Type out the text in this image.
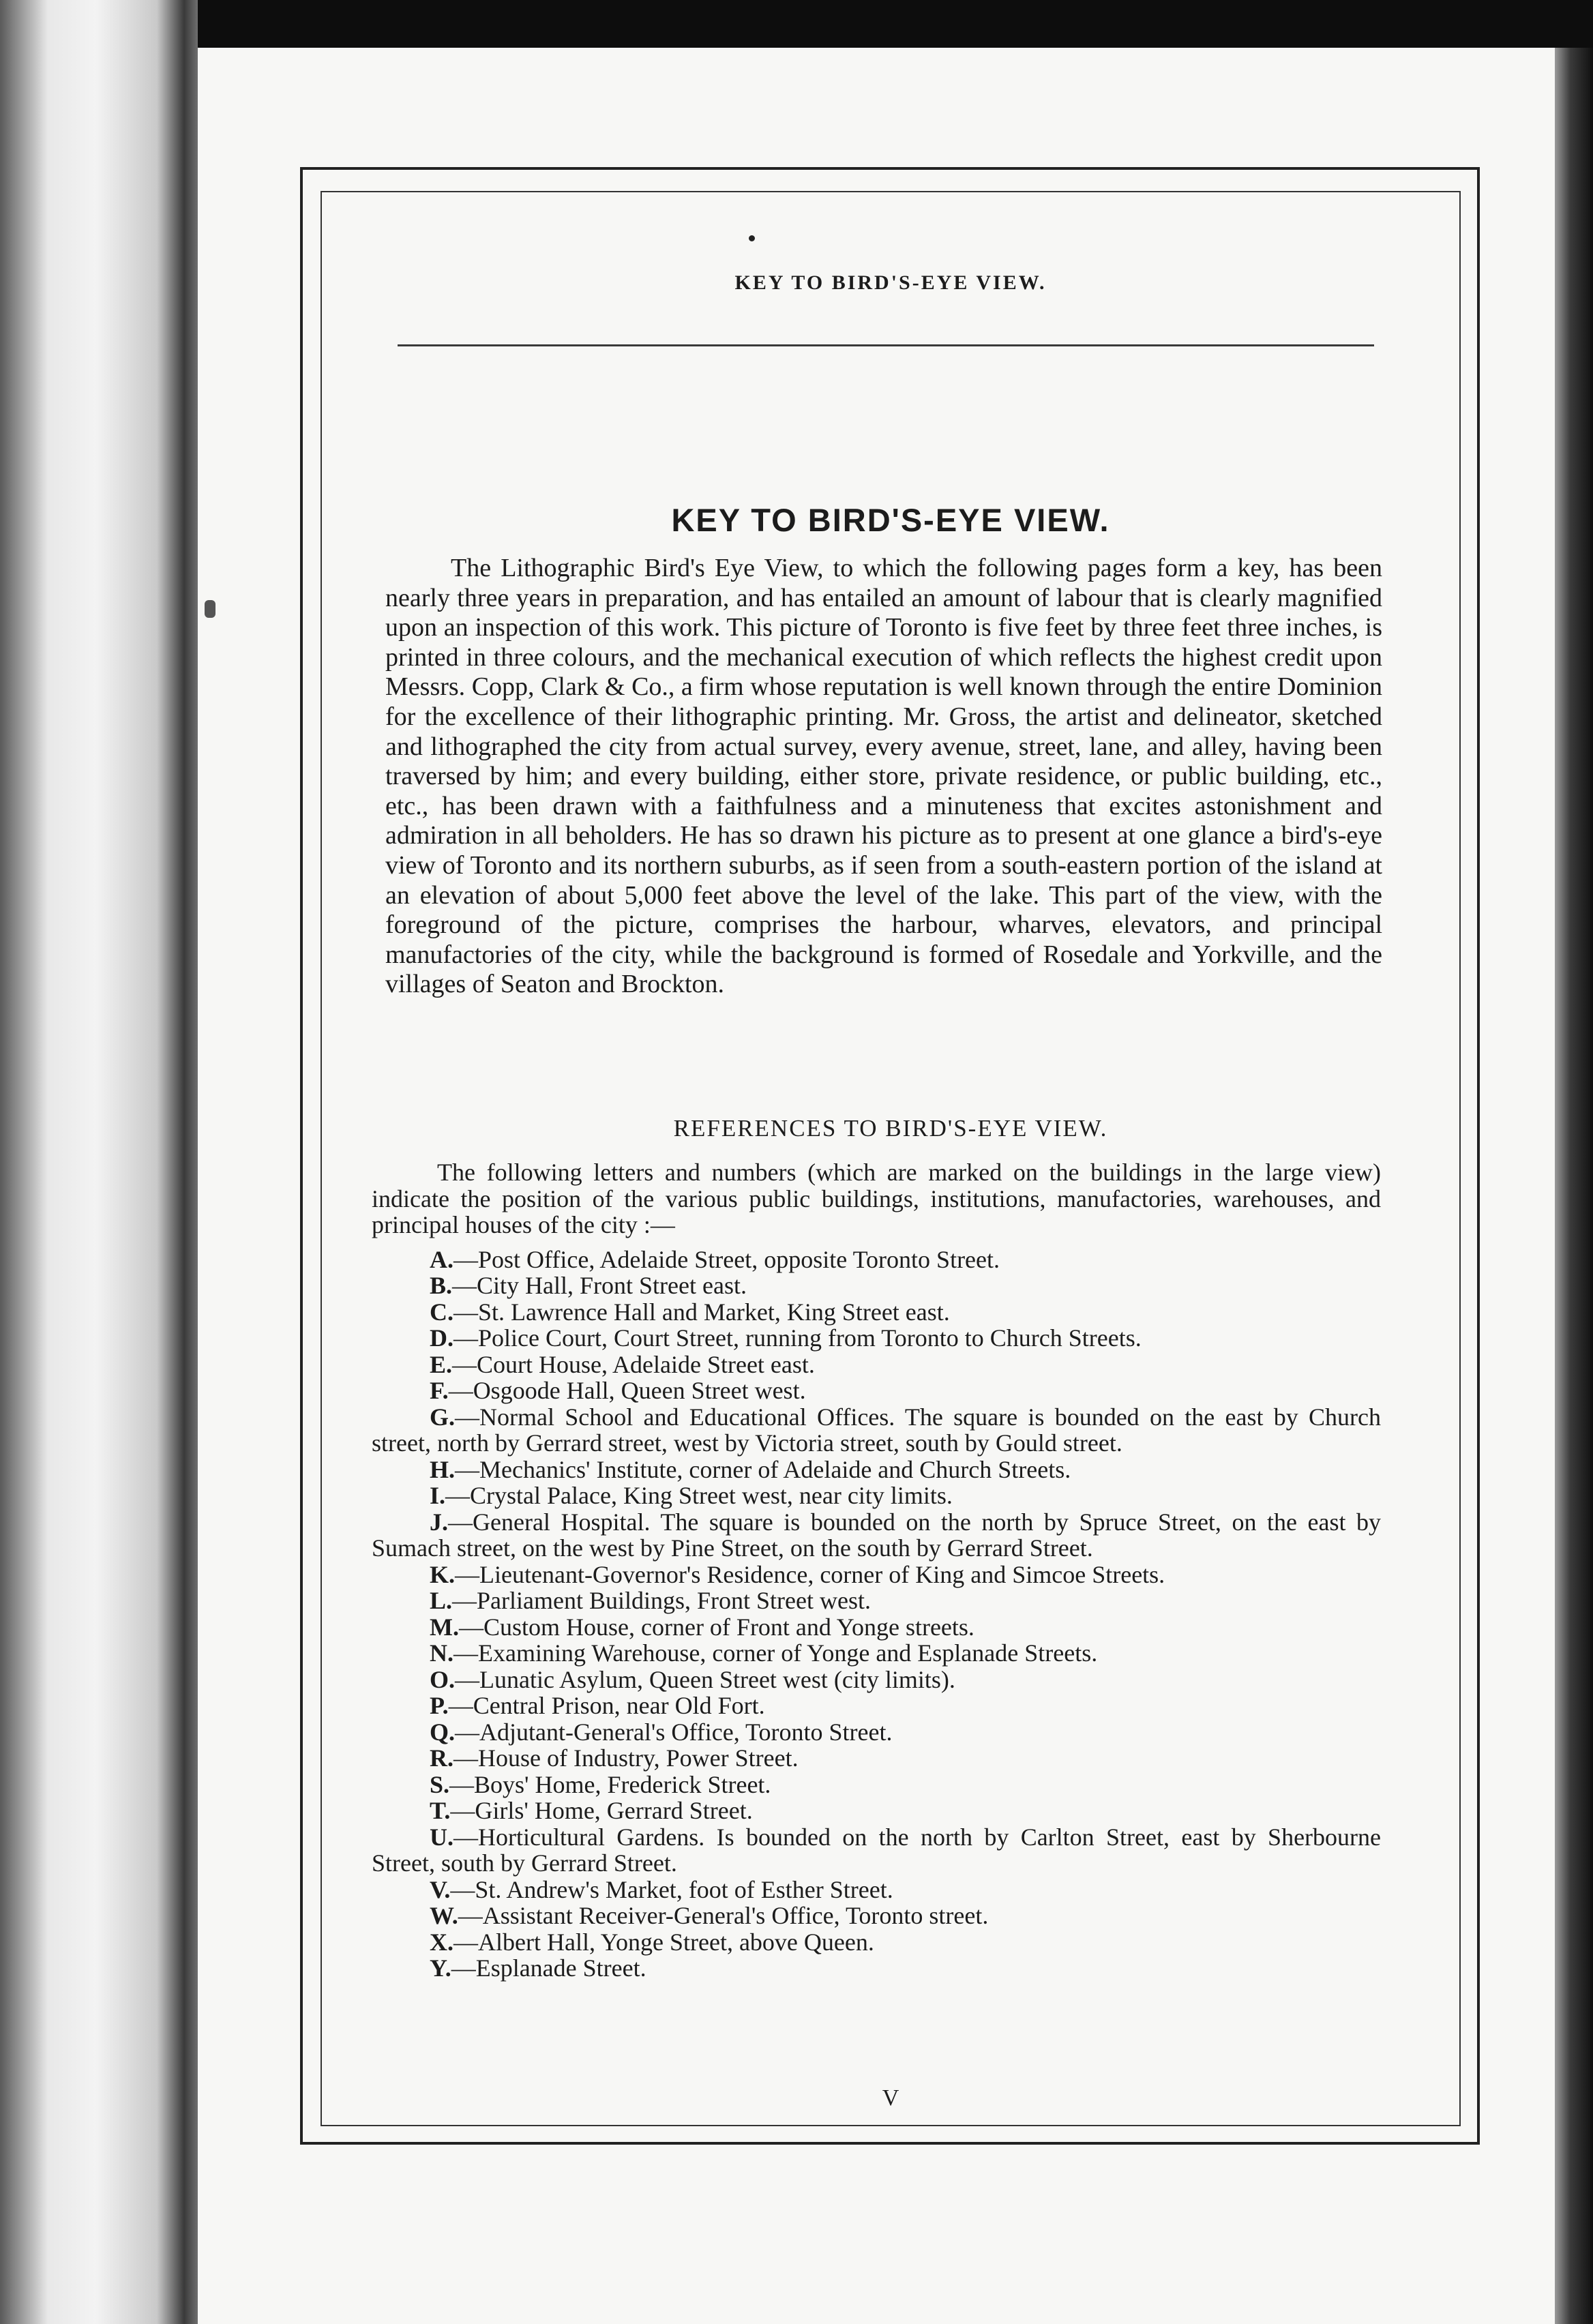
KEY TO BIRD'S-EYE VIEW.
KEY TO BIRD'S-EYE VIEW.

The Lithographic Bird's Eye View, to which the following pages form a key, has been nearly three years in preparation, and has entailed an amount of labour that is clearly magnified upon an inspection of this work. This picture of Toronto is five feet by three feet three inches, is printed in three colours, and the mechanical execution of which reflects the highest credit upon Messrs. Copp, Clark & Co., a firm whose reputation is well known through the entire Dominion for the excellence of their lithographic printing. Mr. Gross, the artist and delineator, sketched and lithographed the city from actual survey, every avenue, street, lane, and alley, having been traversed by him; and every building, either store, private residence, or public building, etc., etc., has been drawn with a faithfulness and a minuteness that excites astonishment and admiration in all beholders. He has so drawn his picture as to present at one glance a bird's-eye view of Toronto and its northern suburbs, as if seen from a south-eastern portion of the island at an elevation of about 5,000 feet above the level of the lake. This part of the view, with the foreground of the picture, comprises the harbour, wharves, elevators, and principal manufactories of the city, while the background is formed of Rosedale and Yorkville, and the villages of Seaton and Brockton.

REFERENCES TO BIRD'S-EYE VIEW.

The following letters and numbers (which are marked on the buildings in the large view) indicate the position of the various public buildings, institutions, manufactories, warehouses, and principal houses of the city :—

A.—Post Office, Adelaide Street, opposite Toronto Street.

B.—City Hall, Front Street east.

C.—St. Lawrence Hall and Market, King Street east.

D.—Police Court, Court Street, running from Toronto to Church Streets.

E.—Court House, Adelaide Street east.

F.—Osgoode Hall, Queen Street west.

G.—Normal School and Educational Offices. The square is bounded on the east by Church street, north by Gerrard street, west by Victoria street, south by Gould street.

H.—Mechanics' Institute, corner of Adelaide and Church Streets.

I.—Crystal Palace, King Street west, near city limits.

J.—General Hospital. The square is bounded on the north by Spruce Street, on the east by Sumach street, on the west by Pine Street, on the south by Gerrard Street.

K.—Lieutenant-Governor's Residence, corner of King and Simcoe Streets.

L.—Parliament Buildings, Front Street west.

M.—Custom House, corner of Front and Yonge streets.

N.—Examining Warehouse, corner of Yonge and Esplanade Streets.

O.—Lunatic Asylum, Queen Street west (city limits).

P.—Central Prison, near Old Fort.

Q.—Adjutant-General's Office, Toronto Street.

R.—House of Industry, Power Street.

S.—Boys' Home, Frederick Street.

T.—Girls' Home, Gerrard Street.

U.—Horticultural Gardens. Is bounded on the north by Carlton Street, east by Sherbourne Street, south by Gerrard Street.

V.—St. Andrew's Market, foot of Esther Street.

W.—Assistant Receiver-General's Office, Toronto street.

X.—Albert Hall, Yonge Street, above Queen.

Y.—Esplanade Street.

V
